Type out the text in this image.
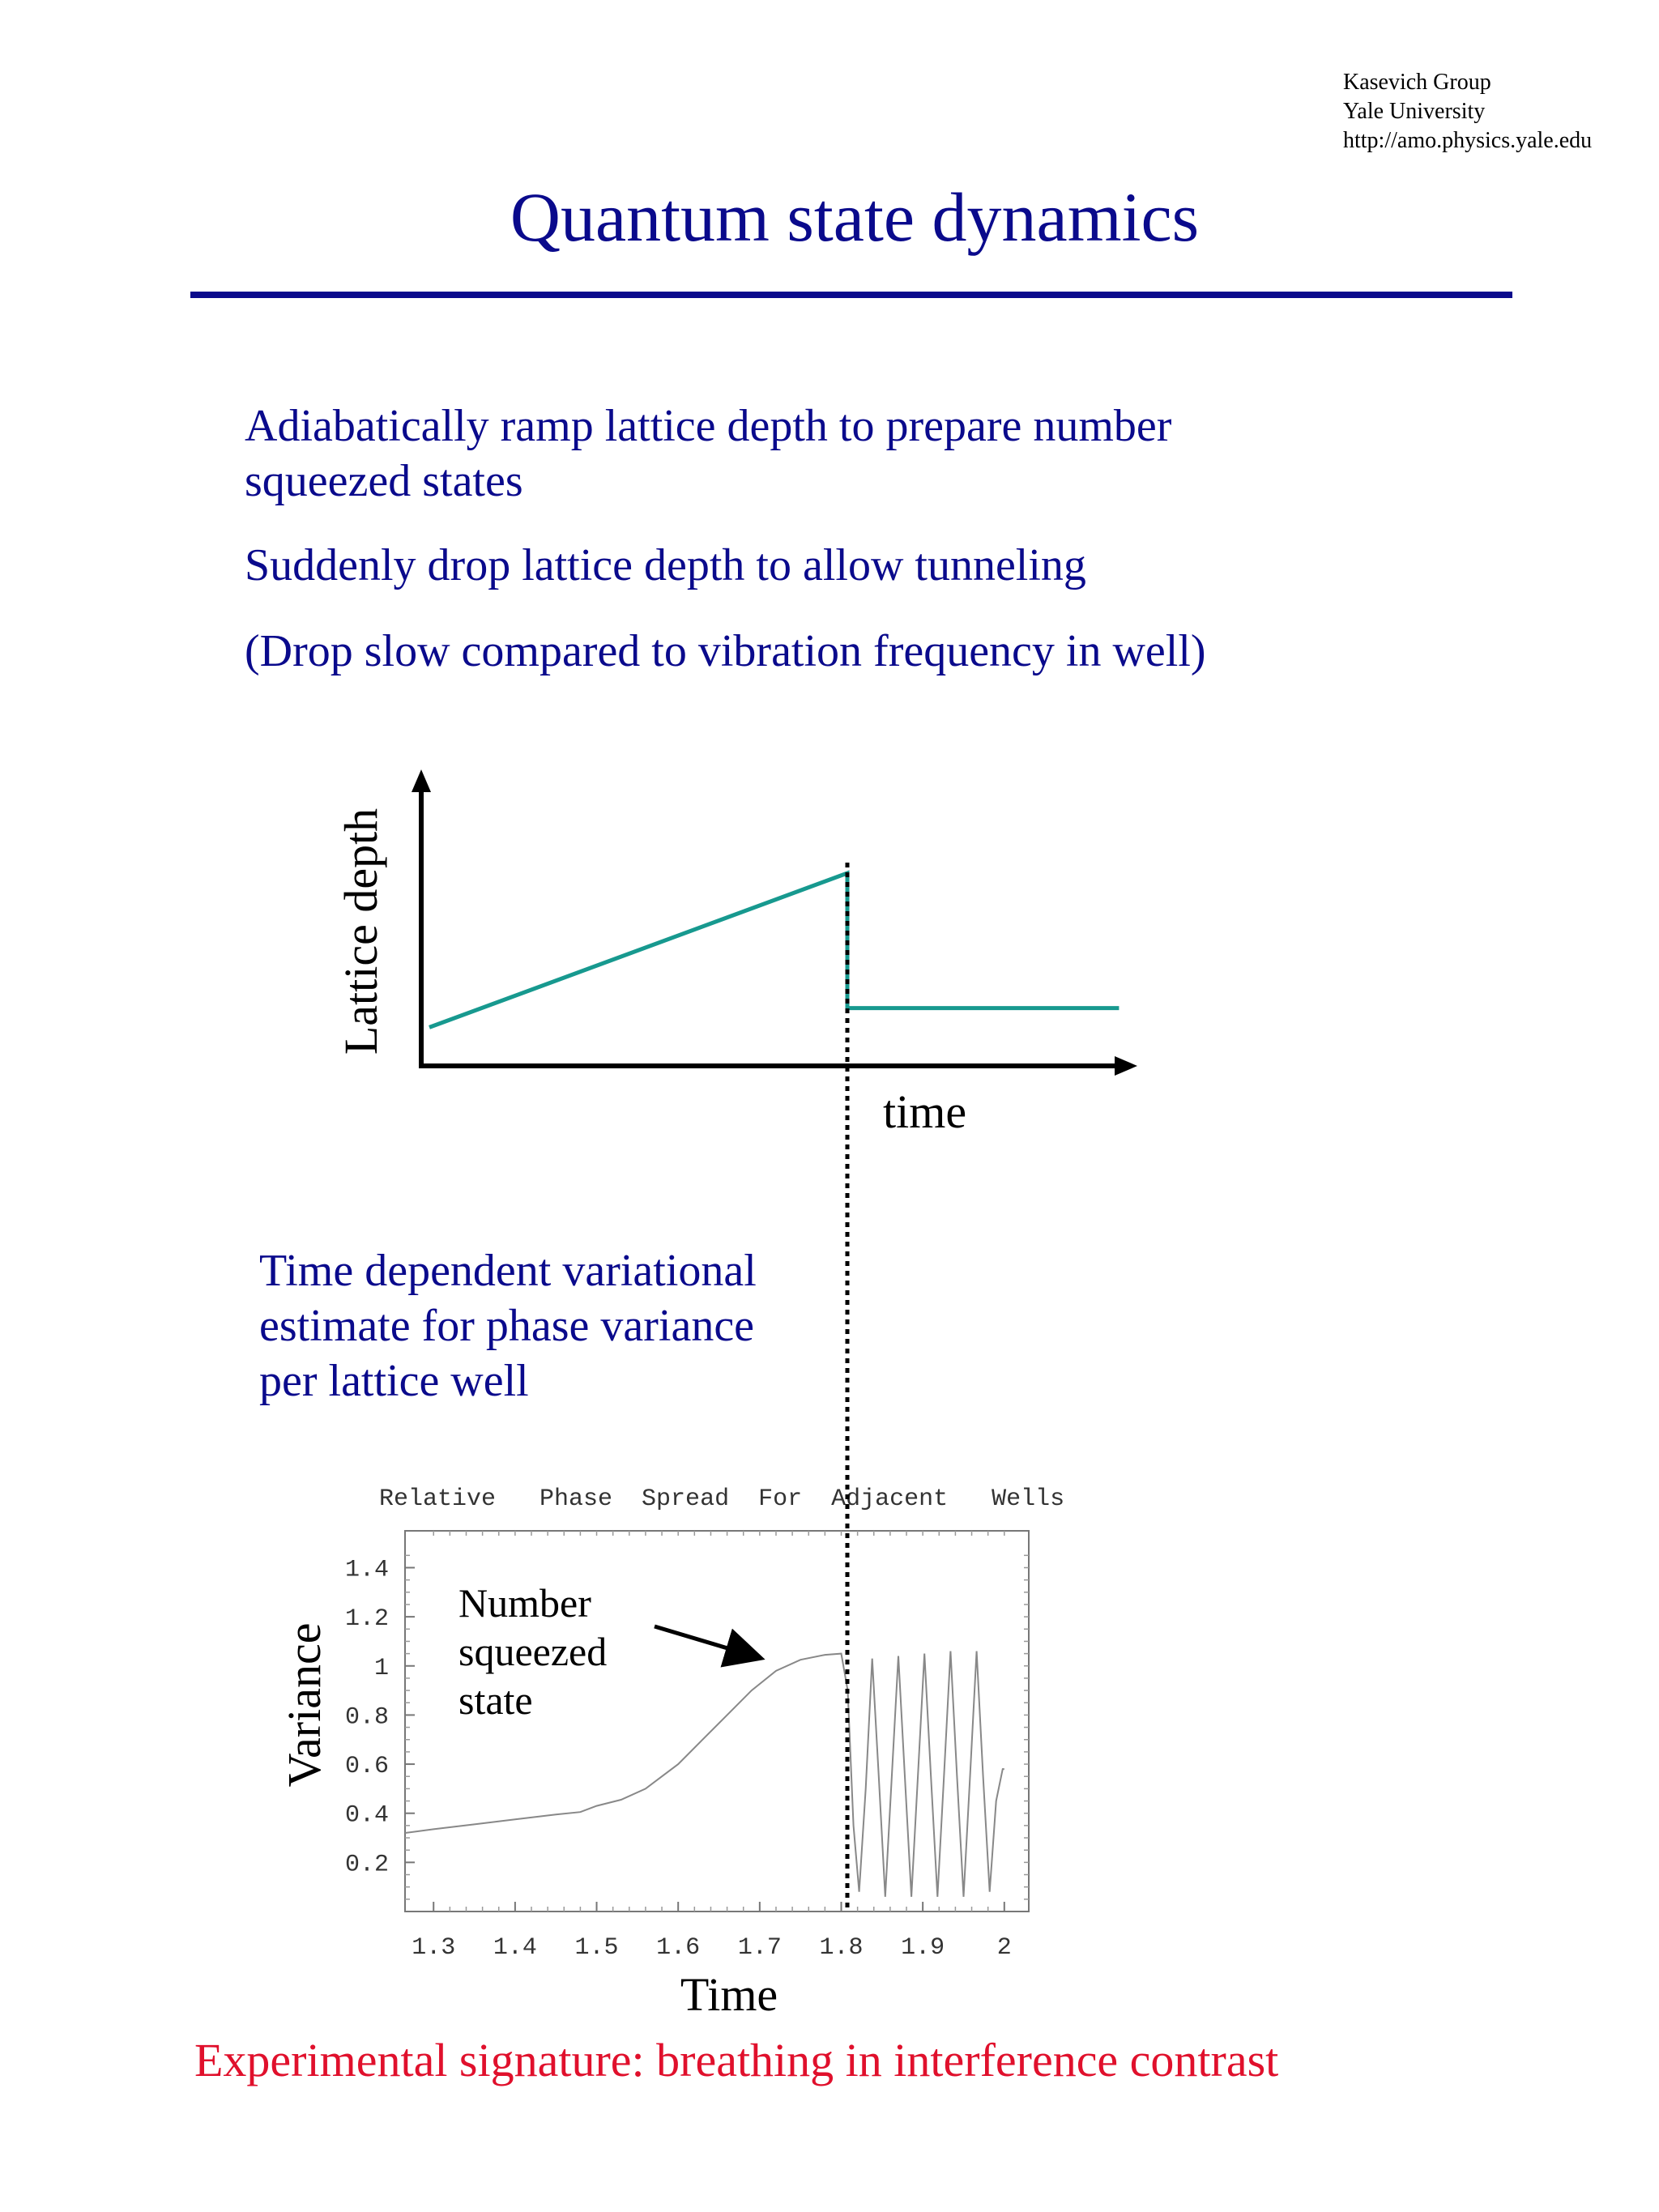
Kasevich Group
Yale University
http://amo.physics.yale.edu
Quantum state dynamics
Adiabatically ramp lattice depth to prepare number
squeezed states
Suddenly drop lattice depth to allow tunneling
(Drop slow compared to vibration frequency in well)
Time dependent variational
estimate for phase variance
per lattice well
Lattice depth
time
Relative   Phase  Spread  For  Adjacent   Wells
0.2
0.4
0.6
0.8
1
1.2
1.4
1.3 1.4 1.5 1.6 1.7 1.8 1.9 2
Variance
Time
Number
squeezed
state
Experimental signature: breathing in interference contrast
